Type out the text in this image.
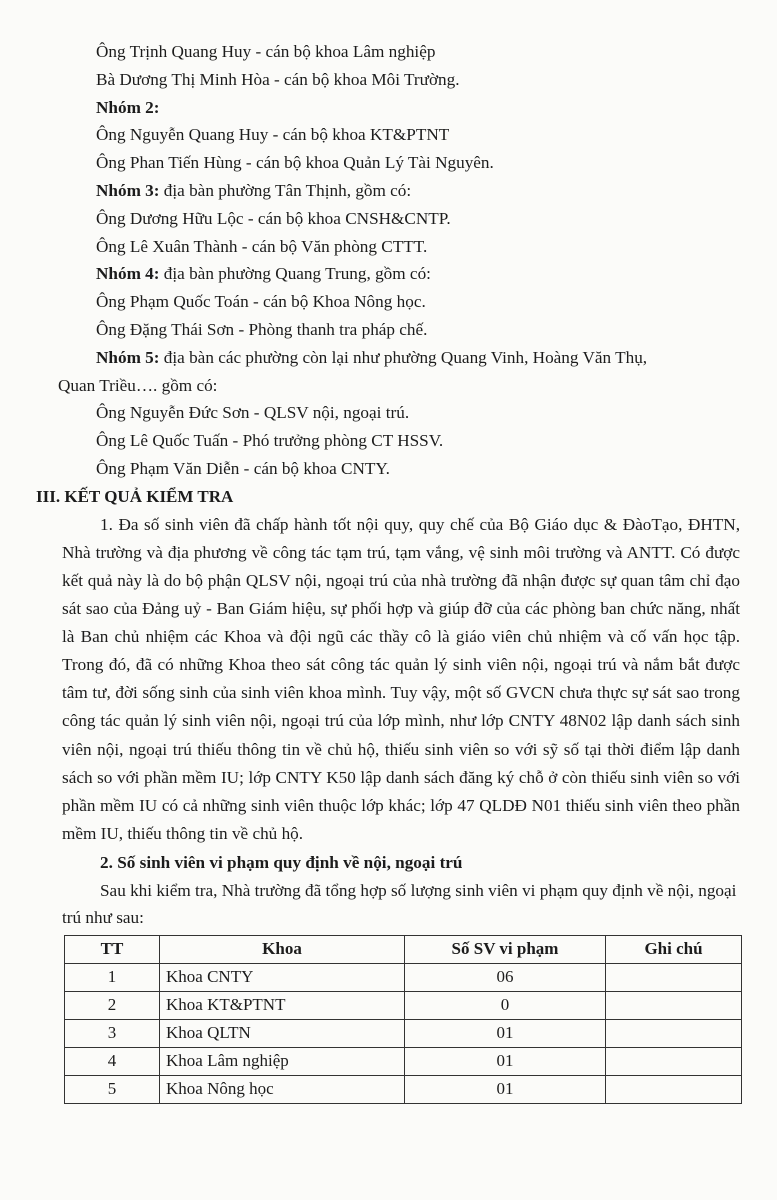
Ông Trịnh Quang Huy - cán bộ khoa Lâm nghiệp
Bà Dương Thị Minh Hòa - cán bộ khoa Môi Trường.
Nhóm 2:
Ông Nguyễn Quang Huy - cán bộ khoa KT&PTNT
Ông Phan Tiến Hùng - cán bộ khoa Quản Lý Tài Nguyên.
Nhóm 3: địa bàn phường Tân Thịnh, gồm có:
Ông Dương Hữu Lộc - cán bộ khoa CNSH&CNTP.
Ông Lê Xuân Thành - cán bộ Văn phòng CTTT.
Nhóm 4: địa bàn phường Quang Trung, gồm có:
Ông Phạm Quốc Toán - cán bộ Khoa Nông học.
Ông Đặng Thái Sơn - Phòng thanh tra pháp chế.
Nhóm 5: địa bàn các phường còn lại như phường Quang Vinh, Hoàng Văn Thụ,
Quan Triều…. gồm có:
Ông Nguyễn Đức Sơn - QLSV nội, ngoại trú.
Ông Lê Quốc Tuấn - Phó trưởng phòng CT HSSV.
Ông Phạm Văn Diễn - cán bộ khoa CNTY.
III. KẾT QUẢ KIỂM TRA

1. Đa số sinh viên đã chấp hành tốt nội quy, quy chế của Bộ Giáo dục & ĐàoTạo, ĐHTN, Nhà trường và địa phương về công tác tạm trú, tạm vắng, vệ sinh môi trường và ANTT. Có được kết quả này là do bộ phận QLSV nội, ngoại trú của nhà trường đã nhận được sự quan tâm chỉ đạo sát sao của Đảng uỷ - Ban Giám hiệu, sự phối hợp và giúp đỡ của các phòng ban chức năng, nhất là Ban chủ nhiệm các Khoa và đội ngũ các thầy cô là giáo viên chủ nhiệm và cố vấn học tập. Trong đó, đã có những Khoa theo sát công tác quản lý sinh viên nội, ngoại trú và nắm bắt được tâm tư, đời sống sinh của sinh viên khoa mình. Tuy vậy, một số GVCN chưa thực sự sát sao trong công tác quản lý sinh viên nội, ngoại trú của lớp mình, như lớp CNTY 48N02 lập danh sách sinh viên nội, ngoại trú thiếu thông tin về chủ hộ, thiếu sinh viên so với sỹ số tại thời điểm lập danh sách so với phần mềm IU; lớp CNTY K50 lập danh sách đăng ký chỗ ở còn thiếu sinh viên so với phần mềm IU có cả những sinh viên thuộc lớp khác; lớp 47 QLDĐ N01 thiếu sinh viên theo phần mềm IU, thiếu thông tin về chủ hộ.

2. Số sinh viên vi phạm quy định về nội, ngoại trú

Sau khi kiểm tra, Nhà trường đã tổng hợp số lượng sinh viên vi phạm quy định về nội, ngoại trú như sau:

TT	Khoa	Số SV vi phạm	Ghi chú
1	Khoa CNTY	06	
2	Khoa KT&PTNT	0	
3	Khoa QLTN	01	
4	Khoa Lâm nghiệp	01	
5	Khoa Nông học	01	
